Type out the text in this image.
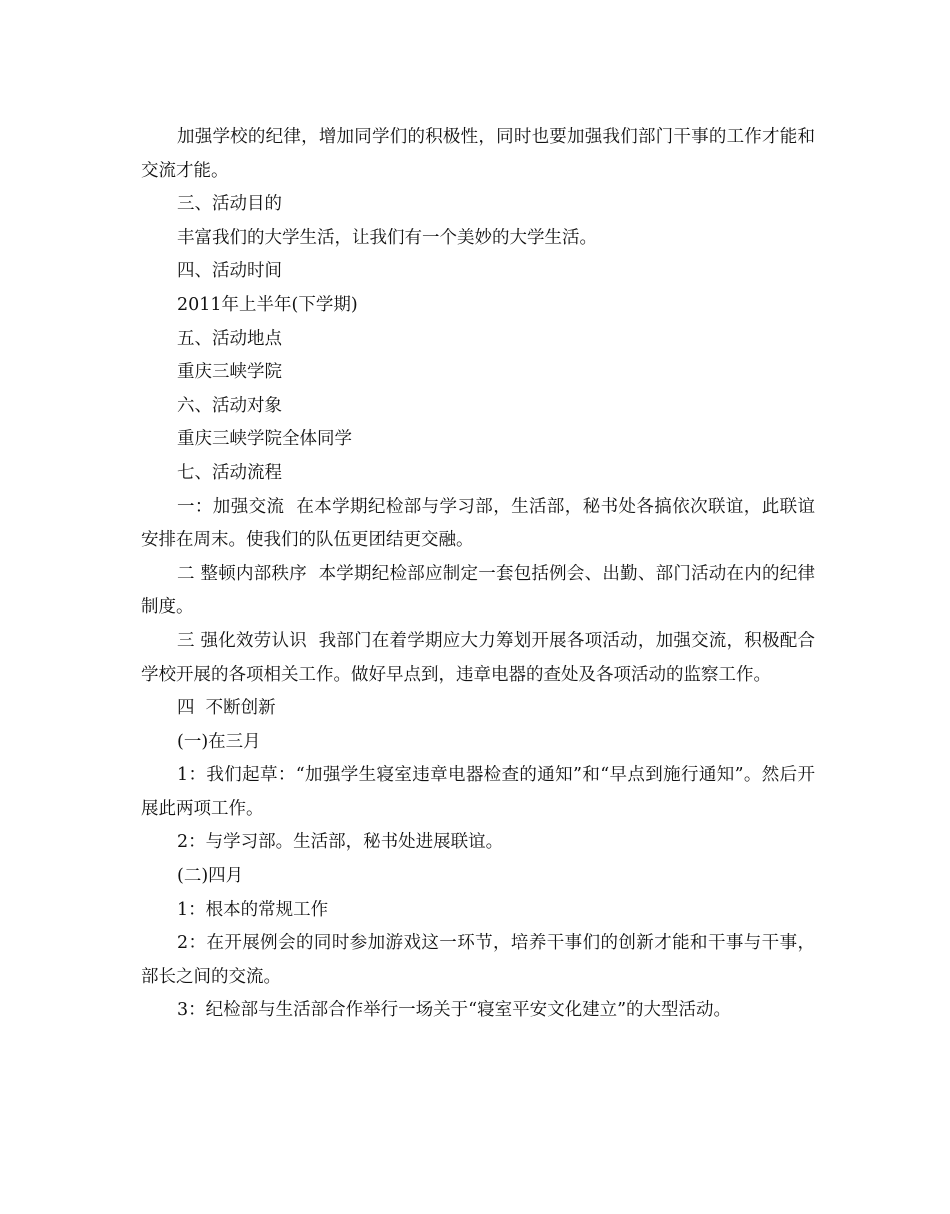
加强学校的纪律，增加同学们的积极性，同时也要加强我们部门干事的工作才能和交流才能。

三、活动目的

丰富我们的大学生活，让我们有一个美妙的大学生活。

四、活动时间

2011年上半年(下学期)

五、活动地点

重庆三峡学院

六、活动对象

重庆三峡学院全体同学

七、活动流程

一：加强交流  在本学期纪检部与学习部，生活部，秘书处各搞依次联谊，此联谊安排在周末。使我们的队伍更团结更交融。

二 整顿内部秩序  本学期纪检部应制定一套包括例会、出勤、部门活动在内的纪律制度。

三 强化效劳认识  我部门在着学期应大力筹划开展各项活动，加强交流，积极配合学校开展的各项相关工作。做好早点到，违章电器的查处及各项活动的监察工作。

四  不断创新

(一)在三月

1：我们起草：“加强学生寝室违章电器检查的通知”和“早点到施行通知”。然后开展此两项工作。

2：与学习部。生活部，秘书处进展联谊。

(二)四月

1：根本的常规工作

2：在开展例会的同时参加游戏这一环节，培养干事们的创新才能和干事与干事，部长之间的交流。

3：纪检部与生活部合作举行一场关于“寝室平安文化建立”的大型活动。
